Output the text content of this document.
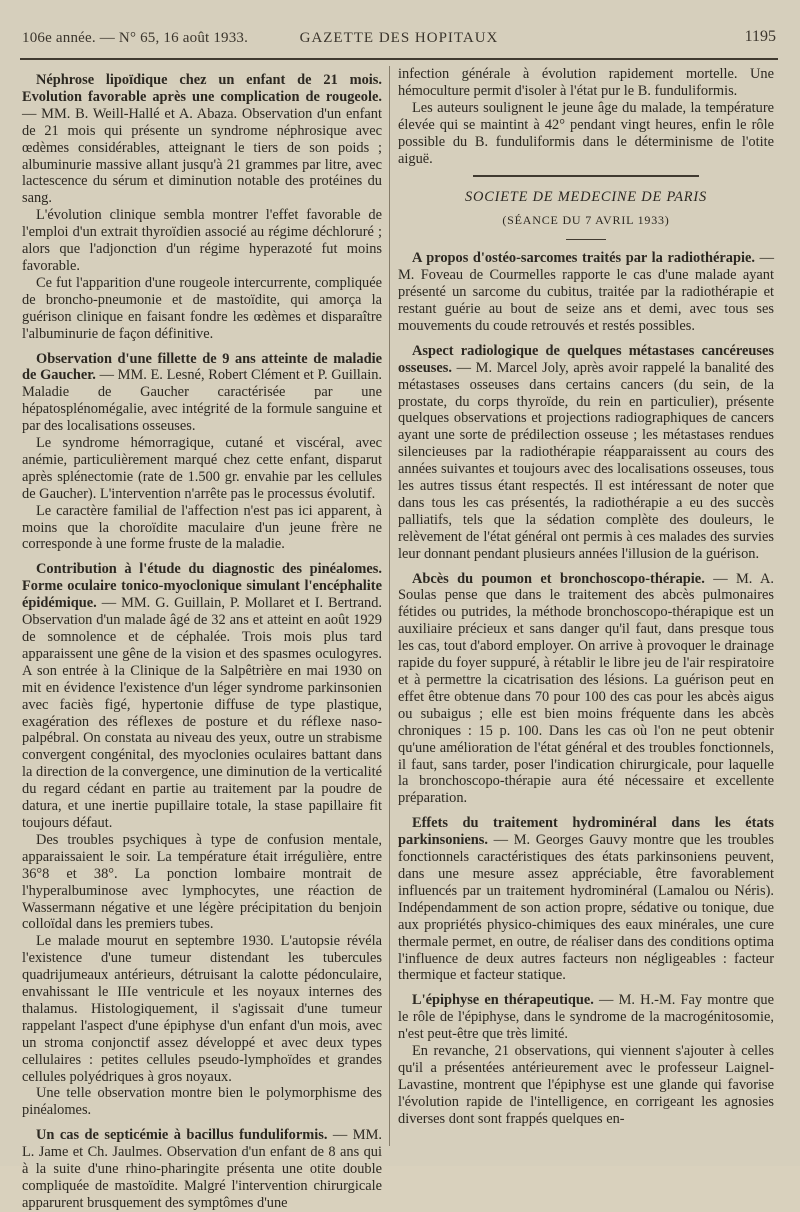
106e année. — N° 65, 16 août 1933.	GAZETTE DES HOPITAUX	1195

Néphrose lipoïdique chez un enfant de 21 mois. Evolution favorable après une complication de rougeole. — MM. B. Weill-Hallé et A. Abaza. Observation d'un enfant de 21 mois qui présente un syndrome néphrosique avec œdèmes considérables, atteignant le tiers de son poids ; albuminurie massive allant jusqu'à 21 grammes par litre, avec lactescence du sérum et diminution notable des protéines du sang.

L'évolution clinique sembla montrer l'effet favorable de l'emploi d'un extrait thyroïdien associé au régime déchloruré ; alors que l'adjonction d'un régime hyperazoté fut moins favorable.

Ce fut l'apparition d'une rougeole intercurrente, compliquée de broncho-pneumonie et de mastoïdite, qui amorça la guérison clinique en faisant fondre les œdèmes et disparaître l'albuminurie de façon définitive.

Observation d'une fillette de 9 ans atteinte de maladie de Gaucher. — MM. E. Lesné, Robert Clément et P. Guillain. Maladie de Gaucher caractérisée par une hépatosplénomégalie, avec intégrité de la formule sanguine et par des localisations osseuses.

Le syndrome hémorragique, cutané et viscéral, avec anémie, particulièrement marqué chez cette enfant, disparut après splénectomie (rate de 1.500 gr. envahie par les cellules de Gaucher). L'intervention n'arrête pas le processus évolutif.

Le caractère familial de l'affection n'est pas ici apparent, à moins que la choroïdite maculaire d'un jeune frère ne corresponde à une forme fruste de la maladie.

Contribution à l'étude du diagnostic des pinéalomes. Forme oculaire tonico-myoclonique simulant l'encéphalite épidémique. — MM. G. Guillain, P. Mollaret et I. Bertrand. Observation d'un malade âgé de 32 ans et atteint en août 1929 de somnolence et de céphalée. Trois mois plus tard apparaissent une gêne de la vision et des spasmes oculogyres. A son entrée à la Clinique de la Salpêtrière en mai 1930 on mit en évidence l'existence d'un léger syndrome parkinsonien avec faciès figé, hypertonie diffuse de type plastique, exagération des réflexes de posture et du réflexe naso-palpébral. On constata au niveau des yeux, outre un strabisme convergent congénital, des myoclonies oculaires battant dans la direction de la convergence, une diminution de la verticalité du regard cédant en partie au traitement par la poudre de datura, et une inertie pupillaire totale, la stase papillaire fit toujours défaut.

Des troubles psychiques à type de confusion mentale, apparaissaient le soir. La température était irrégulière, entre 36°8 et 38°. La ponction lombaire montrait de l'hyperalbuminose avec lymphocytes, une réaction de Wassermann négative et une légère précipitation du benjoin colloïdal dans les premiers tubes.

Le malade mourut en septembre 1930. L'autopsie révéla l'existence d'une tumeur distendant les tubercules quadrijumeaux antérieurs, détruisant la calotte pédonculaire, envahissant le IIIe ventricule et les noyaux internes des thalamus. Histologiquement, il s'agissait d'une tumeur rappelant l'aspect d'une épiphyse d'un enfant d'un mois, avec un stroma conjonctif assez développé et avec deux types cellulaires : petites cellules pseudo-lymphoïdes et grandes cellules polyédriques à gros noyaux.

Une telle observation montre bien le polymorphisme des pinéalomes.

Un cas de septicémie à bacillus funduliformis. — MM. L. Jame et Ch. Jaulmes. Observation d'un enfant de 8 ans qui à la suite d'une rhino-pharingite présenta une otite double compliquée de mastoïdite. Malgré l'intervention chirurgicale apparurent brusquement des symptômes d'une

infection générale à évolution rapidement mortelle. Une hémoculture permit d'isoler à l'état pur le B. funduliformis.

Les auteurs soulignent le jeune âge du malade, la température élevée qui se maintint à 42° pendant vingt heures, enfin le rôle possible du B. funduliformis dans le déterminisme de l'otite aiguë.

SOCIETE DE MEDECINE DE PARIS
(SÉANCE DU 7 AVRIL 1933)

A propos d'ostéo-sarcomes traités par la radiothérapie. — M. Foveau de Courmelles rapporte le cas d'une malade ayant présenté un sarcome du cubitus, traitée par la radiothérapie et restant guérie au bout de seize ans et demi, avec tous ses mouvements du coude retrouvés et restés possibles.

Aspect radiologique de quelques métastases cancéreuses osseuses. — M. Marcel Joly, après avoir rappelé la banalité des métastases osseuses dans certains cancers (du sein, de la prostate, du corps thyroïde, du rein en particulier), présente quelques observations et projections radiographiques de cancers ayant une sorte de prédilection osseuse ; les métastases rendues silencieuses par la radiothérapie réapparaissent au cours des années suivantes et toujours avec des localisations osseuses, tous les autres tissus étant respectés. Il est intéressant de noter que dans tous les cas présentés, la radiothérapie a eu des succès palliatifs, tels que la sédation complète des douleurs, le relèvement de l'état général ont permis à ces malades des survies leur donnant pendant plusieurs années l'illusion de la guérison.

Abcès du poumon et bronchoscopo-thérapie. — M. A. Soulas pense que dans le traitement des abcès pulmonaires fétides ou putrides, la méthode bronchoscopo-thérapique est un auxiliaire précieux et sans danger qu'il faut, dans presque tous les cas, tout d'abord employer. On arrive à provoquer le drainage rapide du foyer suppuré, à rétablir le libre jeu de l'air respiratoire et à permettre la cicatrisation des lésions. La guérison peut en effet être obtenue dans 70 pour 100 des cas pour les abcès aigus ou subaigus ; elle est bien moins fréquente dans les abcès chroniques : 15 p. 100. Dans les cas où l'on ne peut obtenir qu'une amélioration de l'état général et des troubles fonctionnels, il faut, sans tarder, poser l'indication chirurgicale, pour laquelle la bronchoscopo-thérapie aura été nécessaire et excellente préparation.

Effets du traitement hydrominéral dans les états parkinsoniens. — M. Georges Gauvy montre que les troubles fonctionnels caractéristiques des états parkinsoniens peuvent, dans une mesure assez appréciable, être favorablement influencés par un traitement hydrominéral (Lamalou ou Néris). Indépendamment de son action propre, sédative ou tonique, due aux propriétés physico-chimiques des eaux minérales, une cure thermale permet, en outre, de réaliser dans des conditions optima l'influence de deux autres facteurs non négligeables : facteur thermique et facteur statique.

L'épiphyse en thérapeutique. — M. H.-M. Fay montre que le rôle de l'épiphyse, dans le syndrome de la macrogénitosomie, n'est peut-être que très limité.

En revanche, 21 observations, qui viennent s'ajouter à celles qu'il a présentées antérieurement avec le professeur Laignel-Lavastine, montrent que l'épiphyse est une glande qui favorise l'évolution rapide de l'intelligence, en corrigeant les agnosies diverses dont sont frappés quelques en-
